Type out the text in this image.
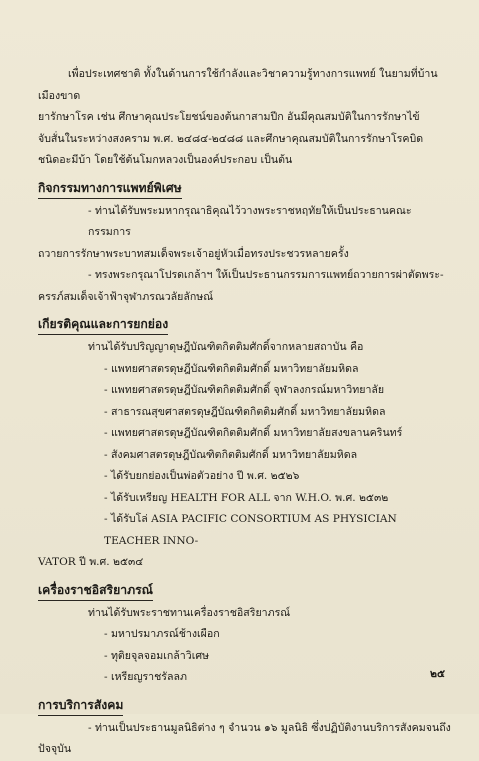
เพื่อประเทศชาติ ทั้งในด้านการใช้กำลังและวิชาความรู้ทางการแพทย์ ในยามที่บ้านเมืองขาด

ยารักษาโรค เช่น ศึกษาคุณประโยชน์ของต้นกาสามปีก อันมีคุณสมบัติในการรักษาไข้

จับสั่นในระหว่างสงคราม พ.ศ. ๒๔๘๔-๒๔๘๘ และศึกษาคุณสมบัติในการรักษาโรคบิด

ชนิดอะมีบ้า โดยใช้ต้นโมกหลวงเป็นองค์ประกอบ เป็นต้น

กิจกรรมทางการแพทย์พิเศษ

- ท่านได้รับพระมหากรุณาธิคุณไว้วางพระราชหฤทัยให้เป็นประธานคณะกรรมการ

ถวายการรักษาพระบาทสมเด็จพระเจ้าอยู่หัวเมื่อทรงประชวรหลายครั้ง

- ทรงพระกรุณาโปรดเกล้าฯ ให้เป็นประธานกรรมการแพทย์ถวายการผ่าตัดพระ-

ครรภ์สมเด็จเจ้าฟ้าจุฬาภรณวลัยลักษณ์

เกียรติคุณและการยกย่อง

ท่านได้รับปริญญาดุษฎีบัณฑิตกิตติมศักดิ์จากหลายสถาบัน คือ

- แพทยศาสตรดุษฎีบัณฑิตกิตติมศักดิ์ มหาวิทยาลัยมหิดล

- แพทยศาสตรดุษฎีบัณฑิตกิตติมศักดิ์ จุฬาลงกรณ์มหาวิทยาลัย

- สาธารณสุขศาสตรดุษฎีบัณฑิตกิตติมศักดิ์ มหาวิทยาลัยมหิดล

- แพทยศาสตรดุษฎีบัณฑิตกิตติมศักดิ์ มหาวิทยาลัยสงขลานครินทร์

- สังคมศาสตรดุษฎีบัณฑิตกิตติมศักดิ์ มหาวิทยาลัยมหิดล

- ได้รับยกย่องเป็นพ่อตัวอย่าง ปี พ.ศ. ๒๕๒๖

- ได้รับเหรียญ HEALTH FOR ALL จาก W.H.O. พ.ศ. ๒๕๓๒

- ได้รับโล่ ASIA PACIFIC CONSORTIUM AS PHYSICIAN TEACHER INNO-

VATOR ปี พ.ศ. ๒๕๓๔

เครื่องราชอิสริยาภรณ์

ท่านได้รับพระราชทานเครื่องราชอิสริยาภรณ์

- มหาปรมาภรณ์ช้างเผือก

- ทุติยจุลจอมเกล้าวิเศษ

- เหรียญราชรัลลภ

การบริการสังคม

- ท่านเป็นประธานมูลนิธิต่าง ๆ จำนวน ๑๖ มูลนิธิ ซึ่งปฏิบัติงานบริการสังคมจนถึง

ปัจจุบัน

๒๕
